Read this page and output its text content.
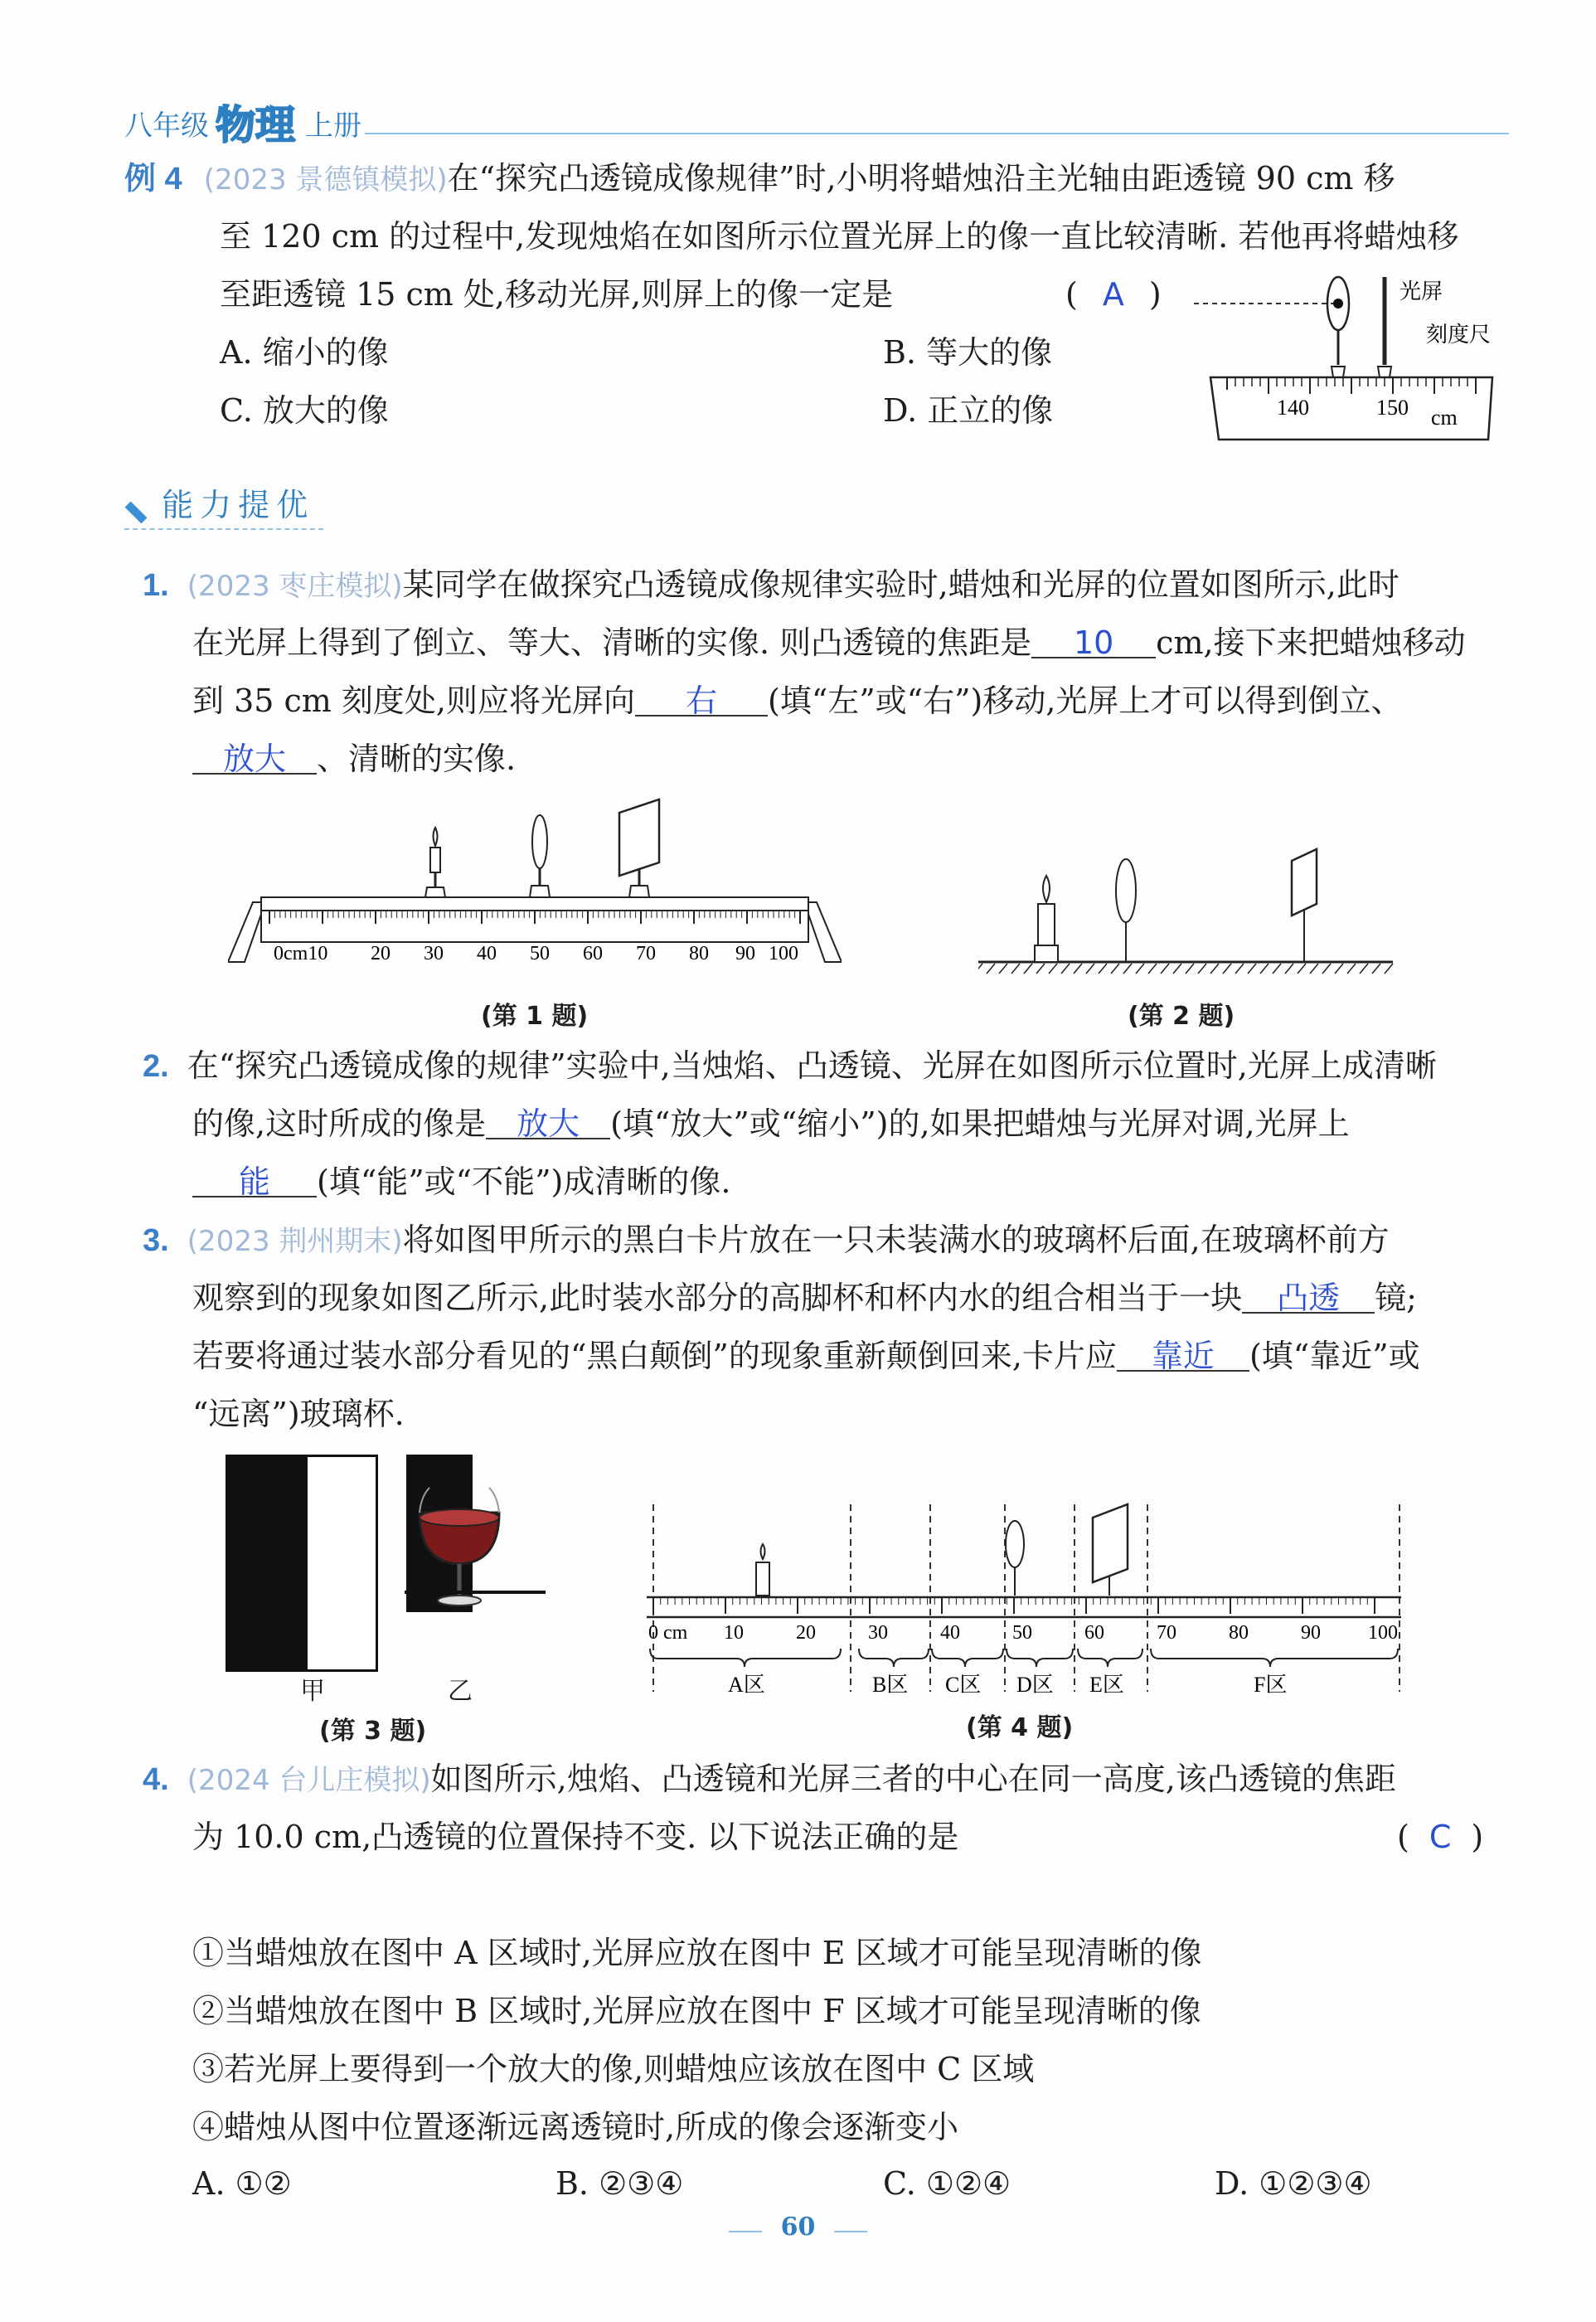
八年级 物理 上册
例 4 (2023 景德镇模拟)在“探究凸透镜成像规律”时,小明将蜡烛沿主光轴由距透镜 90 cm 移
至 120 cm 的过程中,发现烛焰在如图所示位置光屏上的像一直比较清晰. 若他再将蜡烛移
至距透镜 15 cm 处,移动光屏,则屏上的像一定是	( A )
A. 缩小的像	B. 等大的像
C. 放大的像	D. 正立的像
光屏
刻度尺
140	150 cm
能力提优
1. (2023 枣庄模拟)某同学在做探究凸透镜成像规律实验时,蜡烛和光屏的位置如图所示,此时
在光屏上得到了倒立、等大、清晰的实像. 则凸透镜的焦距是 10 cm,接下来把蜡烛移动
到 35 cm 刻度处,则应将光屏向 右 (填“左”或“右”)移动,光屏上才可以得到倒立、
放大 、清晰的实像.
0cm10 20 30 40 50 60 70 80 90 100
(第 1 题)	(第 2 题)
2. 在“探究凸透镜成像的规律”实验中,当烛焰、凸透镜、光屏在如图所示位置时,光屏上成清晰
的像,这时所成的像是 放大 (填“放大”或“缩小”)的,如果把蜡烛与光屏对调,光屏上
能 (填“能”或“不能”)成清晰的像.
3. (2023 荆州期末)将如图甲所示的黑白卡片放在一只未装满水的玻璃杯后面,在玻璃杯前方
观察到的现象如图乙所示,此时装水部分的高脚杯和杯内水的组合相当于一块 凸透 镜;
若要将通过装水部分看见的“黑白颠倒”的现象重新颠倒回来,卡片应 靠近 (填“靠近”或
“远离”)玻璃杯.
甲	乙
(第 3 题)
0 cm 10	20	30	40	50	60	70	80	90 100
A区	B区 C区 D区 E区	F区
(第 4 题)
4. (2024 台儿庄模拟)如图所示,烛焰、凸透镜和光屏三者的中心在同一高度,该凸透镜的焦距
为 10.0 cm,凸透镜的位置保持不变. 以下说法正确的是	( C )
①当蜡烛放在图中 A 区域时,光屏应放在图中 E 区域才可能呈现清晰的像
②当蜡烛放在图中 B 区域时,光屏应放在图中 F 区域才可能呈现清晰的像
③若光屏上要得到一个放大的像,则蜡烛应该放在图中 C 区域
④蜡烛从图中位置逐渐远离透镜时,所成的像会逐渐变小
A. ①②	B. ②③④	C. ①②④	D. ①②③④
60
